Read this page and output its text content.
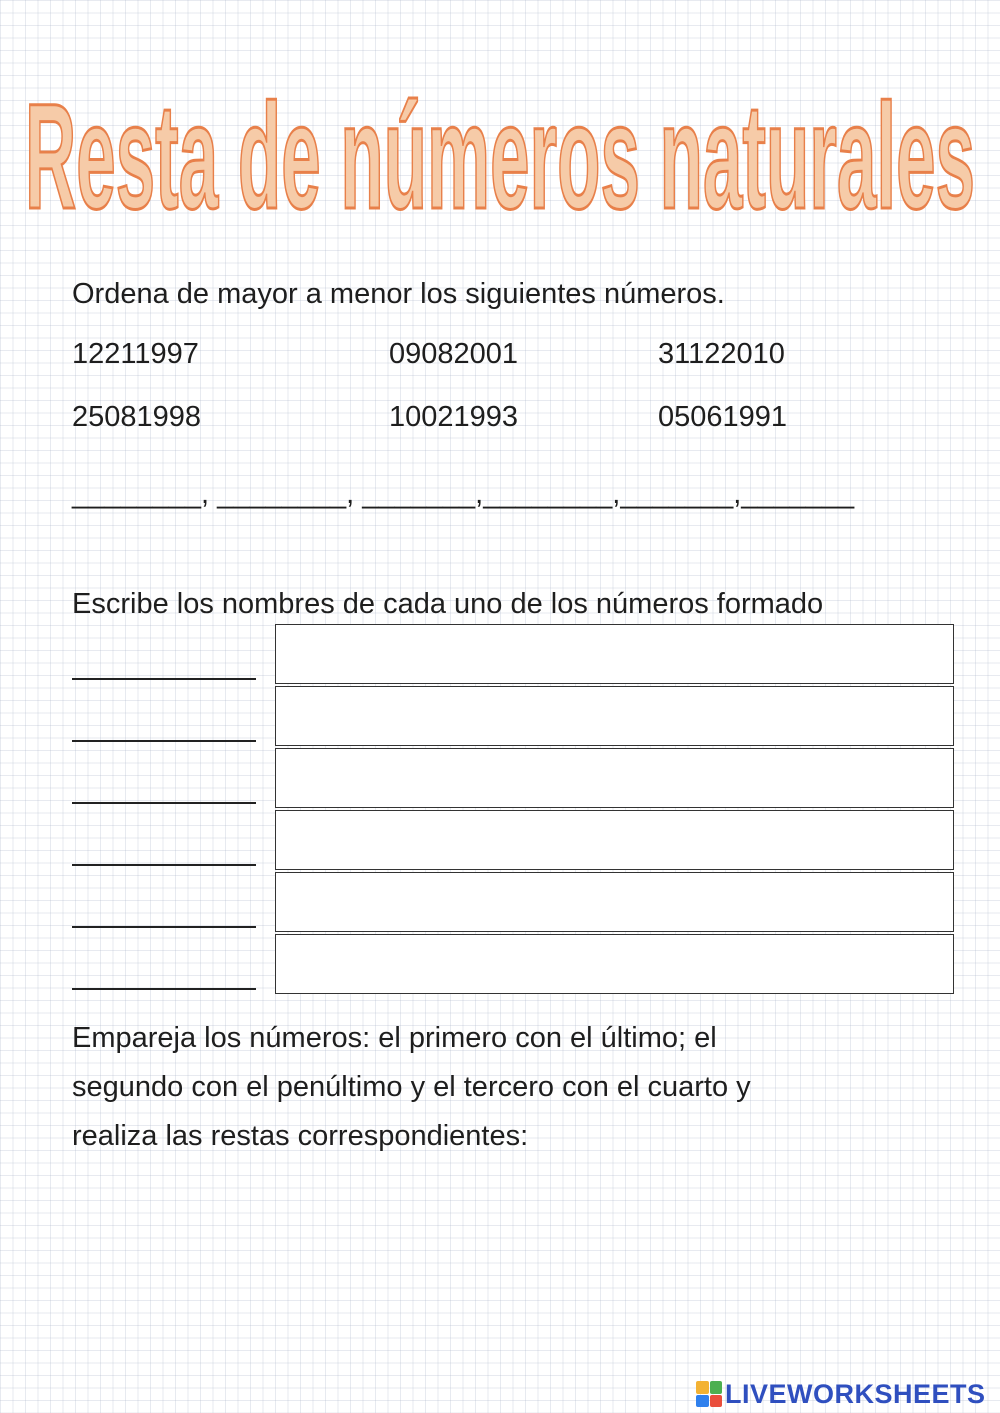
Resta de números naturales
Ordena de mayor a menor los siguientes números.
12211997	09082001	31122010
25081998	10021993	05061991
________, ________, _______,________,_______,_______
Escribe los nombres de cada uno de los números formado
Empareja los números: el primero con el último; el
segundo con el penúltimo y el tercero con el cuarto y
realiza las restas correspondientes:
LIVEWORKSHEETS
